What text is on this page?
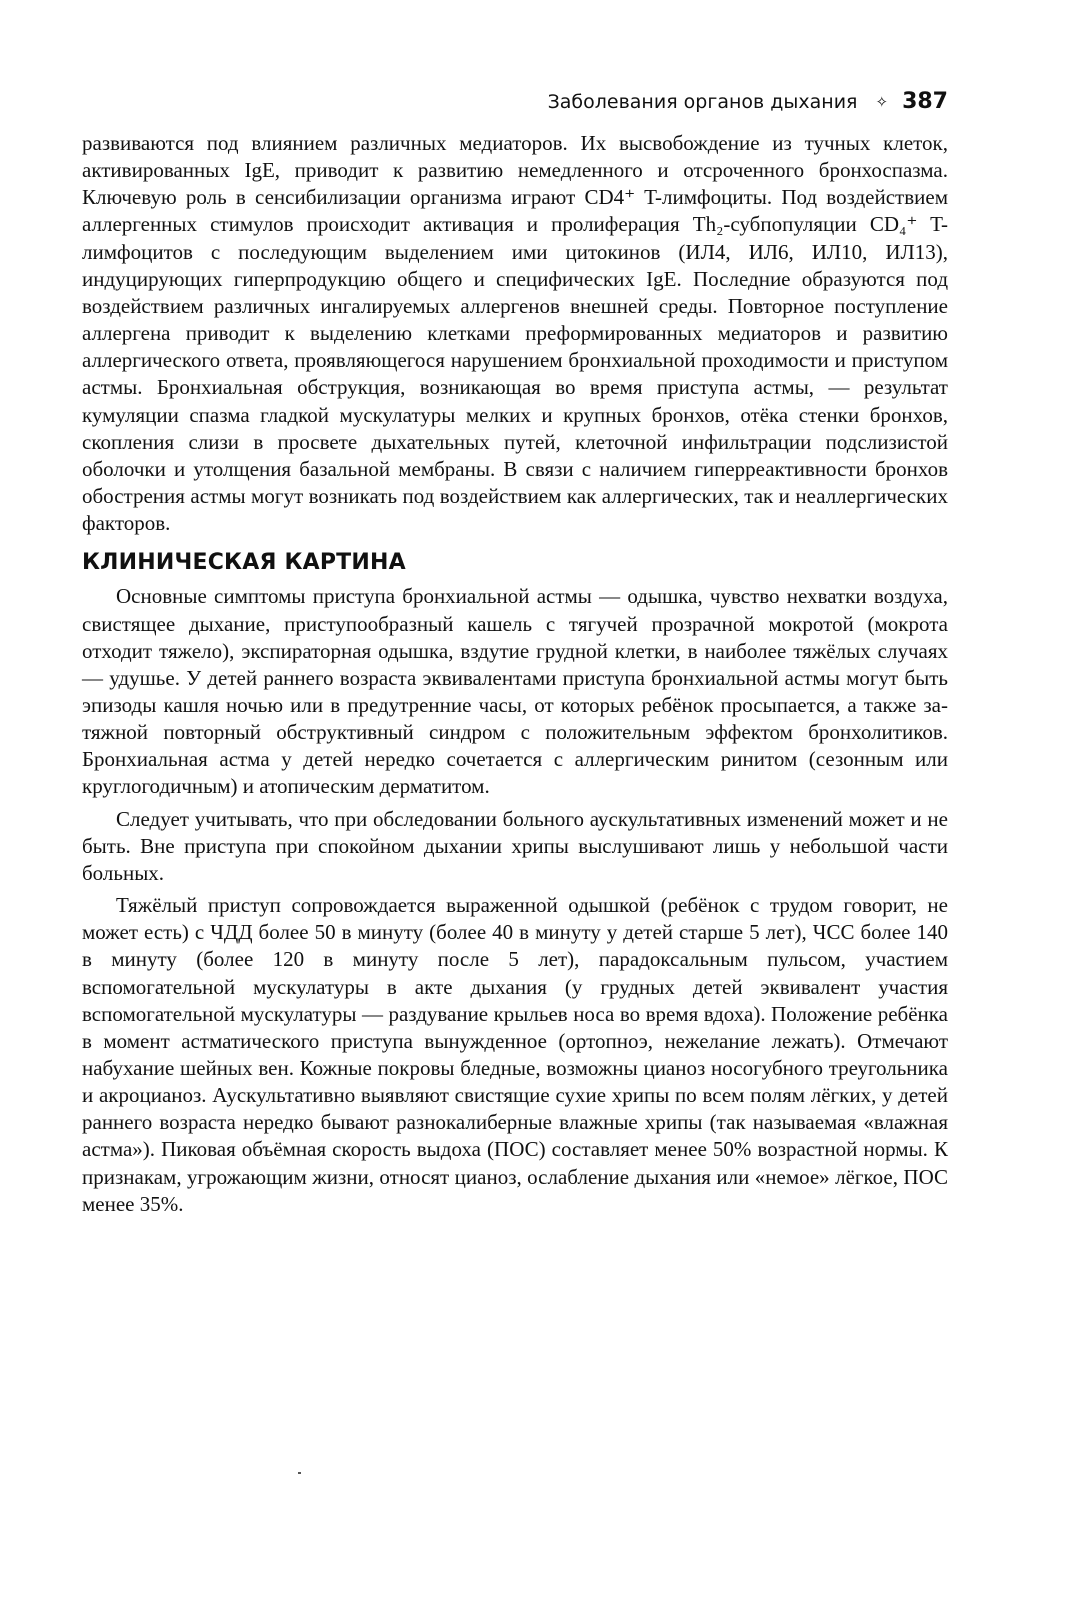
Заболевания органов дыхания ✧ 387

развиваются под влиянием различных медиаторов. Их высвобождение из тучных клеток, активированных IgE, приводит к развитию немедленного и отсроченного бронхоспазма. Ключевую роль в сенсибилизации организма играют CD4⁺ T-лимфоциты. Под воздействием аллергенных стимулов происходит активация и пролиферация Th₂-субпопуляции CD₄⁺ T-лимфоцитов с последующим выделением ими цитокинов (ИЛ4, ИЛ6, ИЛ10, ИЛ13), индуцирующих гиперпродукцию общего и специфических IgE. Последние образуются под воздействием различных ингалируемых аллергенов внешней среды. Повторное поступление аллергена приводит к выделению клетками преформированных медиаторов и развитию аллергического ответа, проявляющегося нарушением бронхиальной проходимости и приступом астмы. Бронхиальная обструкция, возникающая во время приступа астмы, — результат кумуляции спазма гладкой мускулатуры мелких и крупных бронхов, отёка стенки бронхов, скопления слизи в просвете дыхательных путей, клеточной инфильтрации подслизистой оболочки и утолщения базальной мембраны. В связи с наличием гиперреактивности бронхов обострения астмы могут возникать под воздействием как аллергических, так и неаллергических факторов.

КЛИНИЧЕСКАЯ КАРТИНА

Основные симптомы приступа бронхиальной астмы — одышка, чувство нехватки воздуха, свистящее дыхание, приступообразный кашель с тягучей прозрачной мокротой (мокрота отходит тяжело), экспираторная одышка, вздутие грудной клетки, в наиболее тяжёлых случаях — удушье. У детей раннего возраста эквивалентами приступа бронхиальной астмы могут быть эпизоды кашля ночью или в предутренние часы, от которых ребёнок просыпается, а также затяжной повторный обструктивный синдром с положительным эффектом бронхолитиков. Бронхиальная астма у детей нередко сочетается с аллергическим ринитом (сезонным или круглогодичным) и атопическим дерматитом.

Следует учитывать, что при обследовании больного аускультативных изменений может и не быть. Вне приступа при спокойном дыхании хрипы выслушивают лишь у небольшой части больных.

Тяжёлый приступ сопровождается выраженной одышкой (ребёнок с трудом говорит, не может есть) с ЧДД более 50 в минуту (более 40 в минуту у детей старше 5 лет), ЧСС более 140 в минуту (более 120 в минуту после 5 лет), парадоксальным пульсом, участием вспомогательной мускулатуры в акте дыхания (у грудных детей эквивалент участия вспомогательной мускулатуры — раздувание крыльев носа во время вдоха). Положение ребёнка в момент астматического приступа вынужденное (ортопноэ, нежелание лежать). Отмечают набухание шейных вен. Кожные покровы бледные, возможны цианоз носогубного треугольника и акроцианоз. Аускультативно выявляют свистящие сухие хрипы по всем полям лёгких, у детей раннего возраста нередко бывают разнокалиберные влажные хрипы (так называемая «влажная астма»). Пиковая объёмная скорость выдоха (ПОС) составляет менее 50% возрастной нормы. К признакам, угрожающим жизни, относят цианоз, ослабление дыхания или «немое» лёгкое, ПОС менее 35%.
